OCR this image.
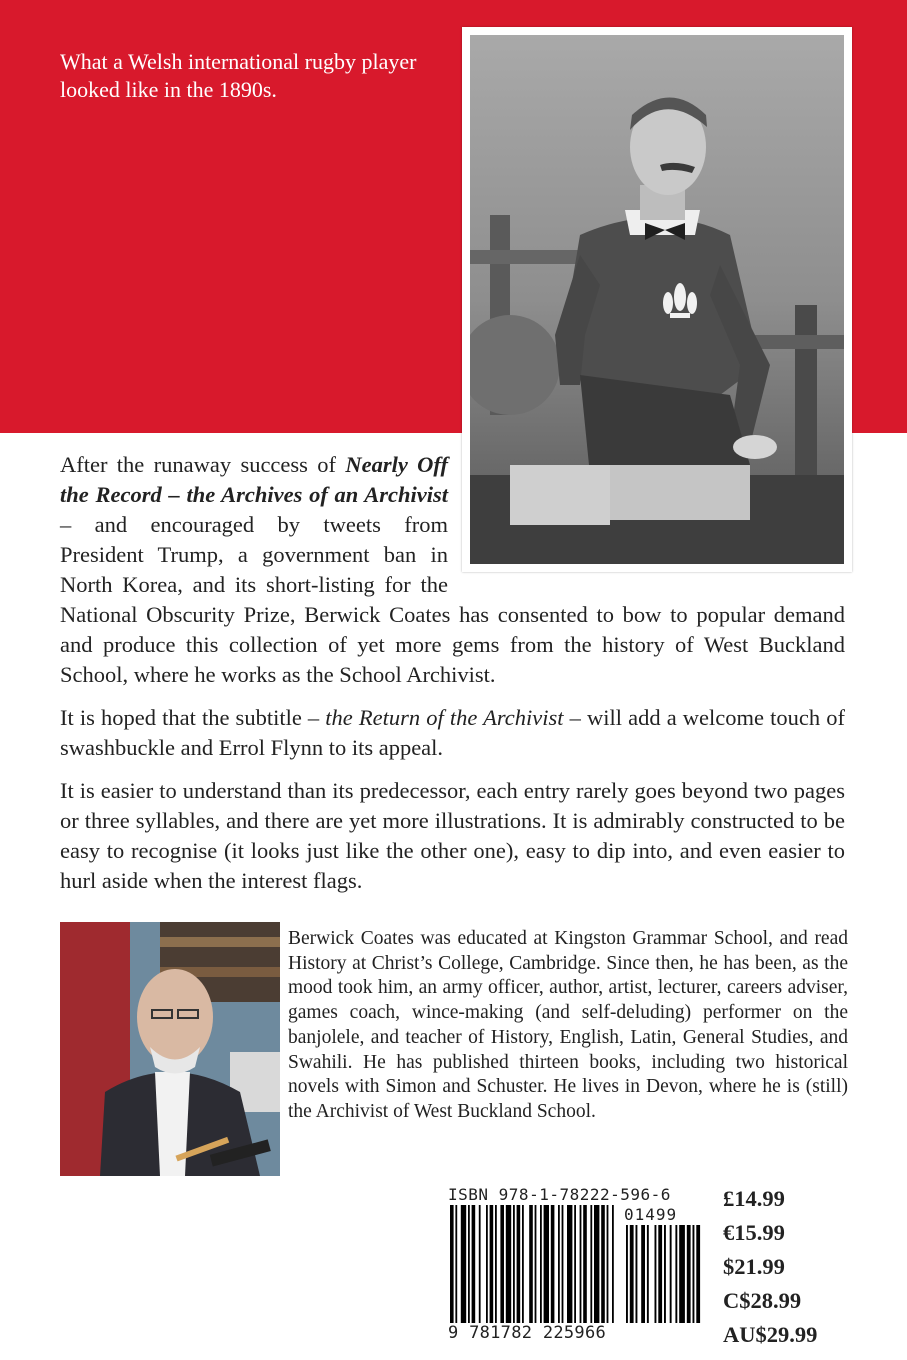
What a Welsh international rugby player looked like in the 1890s.

After the runaway success of Nearly Off the Record – the Archives of an Archivist – and encouraged by tweets from President Trump, a government ban in North Korea, and its short-listing for the National Obscurity Prize, Berwick Coates has consented to bow to popular demand and produce this collection of yet more gems from the history of West Buckland School, where he works as the School Archivist.

It is hoped that the subtitle – the Return of the Archivist – will add a welcome touch of swashbuckle and Errol Flynn to its appeal.

It is easier to understand than its predecessor, each entry rarely goes beyond two pages or three syllables, and there are yet more illustrations. It is admirably constructed to be easy to recognise (it looks just like the other one), easy to dip into, and even easier to hurl aside when the interest flags.

Berwick Coates was educated at Kingston Grammar School, and read History at Christ’s College, Cambridge. Since then, he has been, as the mood took him, an army officer, author, artist, lecturer, careers adviser, games coach, wince-making (and self-deluding) performer on the banjolele, and teacher of History, English, Latin, General Studies, and Swahili. He has published thirteen books, including two historical novels with Simon and Schuster. He lives in Devon, where he is (still) the Archivist of West Buckland School.
ISBN 978-1-78222-596-6
01499
9 781782 225966
£14.99
€15.99
$21.99
C$28.99
AU$29.99
